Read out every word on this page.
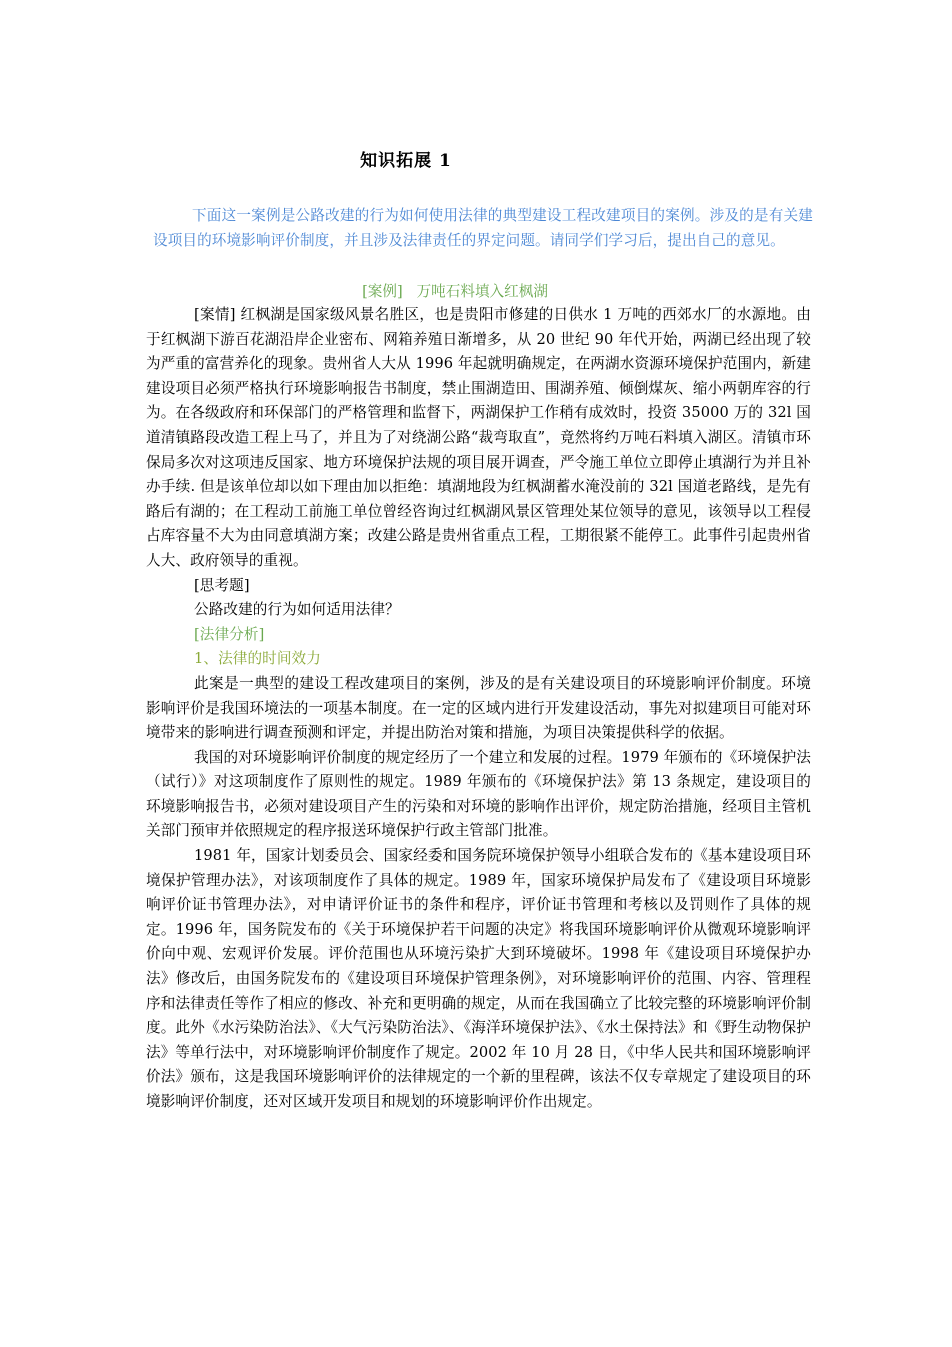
知识拓展 1
下面这一案例是公路改建的行为如何使用法律的典型建设工程改建项目的案例。涉及的是有关建设项目的环境影响评价制度，并且涉及法律责任的界定问题。请同学们学习后，提出自己的意见。
[案例]   万吨石料填入红枫湖

[案情] 红枫湖是国家级风景名胜区，也是贵阳市修建的日供水 1 万吨的西郊水厂的水源地。由于红枫湖下游百花湖沿岸企业密布、网箱养殖日渐增多，从 20 世纪 90 年代开始，两湖已经出现了较为严重的富营养化的现象。贵州省人大从 1996 年起就明确规定，在两湖水资源环境保护范围内，新建建设项目必须严格执行环境影响报告书制度，禁止围湖造田、围湖养殖、倾倒煤灰、缩小两朝库容的行为。在各级政府和环保部门的严格管理和监督下，两湖保护工作稍有成效时，投资 35000 万的 32l 国道清镇路段改造工程上马了，并且为了对绕湖公路“裁弯取直”，竟然将约万吨石料填入湖区。清镇市环保局多次对这项违反国家、地方环境保护法规的项目展开调查，严令施工单位立即停止填湖行为并且补办手续. 但是该单位却以如下理由加以拒绝：填湖地段为红枫湖蓄水淹没前的 32l 国道老路线，是先有路后有湖的；在工程动工前施工单位曾经咨询过红枫湖风景区管理处某位领导的意见，该领导以工程侵占库容量不大为由同意填湖方案；改建公路是贵州省重点工程，工期很紧不能停工。此事件引起贵州省人大、政府领导的重视。

[思考题]

公路改建的行为如何适用法律？

[法律分析]

1、法律的时间效力

此案是一典型的建设工程改建项目的案例，涉及的是有关建设项目的环境影响评价制度。环境影响评价是我国环境法的一项基本制度。在一定的区域内进行开发建设活动，事先对拟建项目可能对环境带来的影响进行调查预测和评定，并提出防治对策和措施，为项目决策提供科学的依据。

我国的对环境影响评价制度的规定经历了一个建立和发展的过程。1979 年颁布的《环境保护法（试行）》对这项制度作了原则性的规定。1989 年颁布的《环境保护法》第 13 条规定，建设项目的环境影响报告书，必须对建设项目产生的污染和对环境的影响作出评价，规定防治措施，经项目主管机关部门预审并依照规定的程序报送环境保护行政主管部门批准。

1981 年，国家计划委员会、国家经委和国务院环境保护领导小组联合发布的《基本建设项目环境保护管理办法》，对该项制度作了具体的规定。1989 年，国家环境保护局发布了《建设项目环境影响评价证书管理办法》，对申请评价证书的条件和程序，评价证书管理和考核以及罚则作了具体的规定。1996 年，国务院发布的《关于环境保护若干问题的决定》将我国环境影响评价从微观环境影响评价向中观、宏观评价发展。评价范围也从环境污染扩大到环境破坏。1998 年《建设项目环境保护办法》修改后，由国务院发布的《建设项目环境保护管理条例》，对环境影响评价的范围、内容、管理程序和法律责任等作了相应的修改、补充和更明确的规定，从而在我国确立了比较完整的环境影响评价制度。此外《水污染防治法》、《大气污染防治法》、《海洋环境保护法》、《水土保持法》和《野生动物保护法》等单行法中，对环境影响评价制度作了规定。2002 年 10 月 28 日，《中华人民共和国环境影响评价法》颁布，这是我国环境影响评价的法律规定的一个新的里程碑，该法不仅专章规定了建设项目的环境影响评价制度，还对区域开发项目和规划的环境影响评价作出规定。
